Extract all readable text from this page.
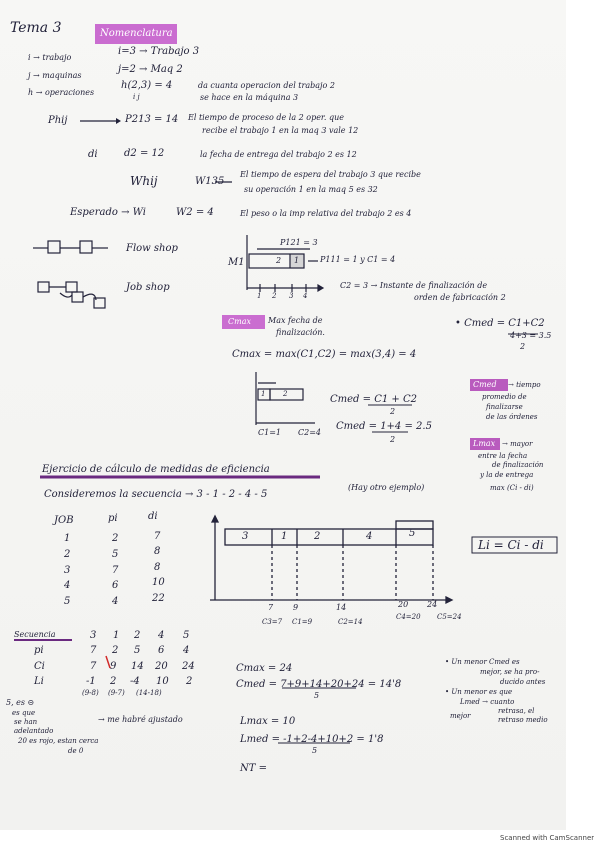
Tema 3	Nomenclatura
i → trabajo
i=3 → Trabajo 3
j → maquinas
j=2 → Maq 2
h → operaciones
h(2,3) = 4
i j
da cuanta operacion del trabajo 2
se hace en la máquina 3
Phij	P213 = 14 El tiempo de proceso de la 2 oper. que
recibe el trabajo 1 en la maq 3 vale 12
di	d2 = 12	la fecha de entrega del trabajo 2 es 12
Whij	W135
El tiempo de espera del trabajo 3 que recibe
su operación 1 en la maq 5 es 32
Esperado → Wi	W2 = 4	El peso o la imp relativa del trabajo 2 es 4
Flow shop
Job shop
M1
P121 = 3
2 1	P111 = 1 y C1 = 4
1 2 3 4
C2 = 3 → Instante de finalización de
orden de fabricación 2
Cmax Max fecha de
finalización.
Cmax = max(C1,C2) = max(3,4) = 4
• Cmed = C1+C2
4+3 = 3.5
2
1	2
C1=1 C2=4
Cmed = C1 + C2
2
Cmed = 1+4 = 2.5
2
Cmed → tiempo
promedio de
finalizarse
de las órdenes
Lmax → mayor
entre la fecha
de finalización
y la de entrega
max (Ci - di)
Ejercicio de cálculo de medidas de eficiencia
Consideremos la secuencia → 3 - 1 - 2 - 4 - 5
(Hay otro ejemplo)
JOB	pi	di
1	2	7
2	5	8
3	7	8
4	6	10
5	4	22
3	1	2	4	5
7 9	14	20 24
C3=7 C1=9	C2=14
C4=20 C5=24
Li = Ci - di
Secuencia	3 1 2 4 5
pi	7 2 5 6 4
Ci	7 9 14 20 24
Li	-1 2 -4 10 2
(9-8) (9-7) (14-18)
5, es ⊝
es que
se han
adelantado
20 es rojo, estan cerca
de 0
→ me habré ajustado
Cmax = 24
Cmed = 7+9+14+20+24 = 14'8
5
Lmax = 10
Lmed = -1+2-4+10+2 = 1'8
5
NT =
• Un menor Cmed es
mejor, se ha pro-
ducido antes
• Un menor es que
Lmed → cuanto
retrasa, el
mejor	retraso medio
Scanned with CamScanner
